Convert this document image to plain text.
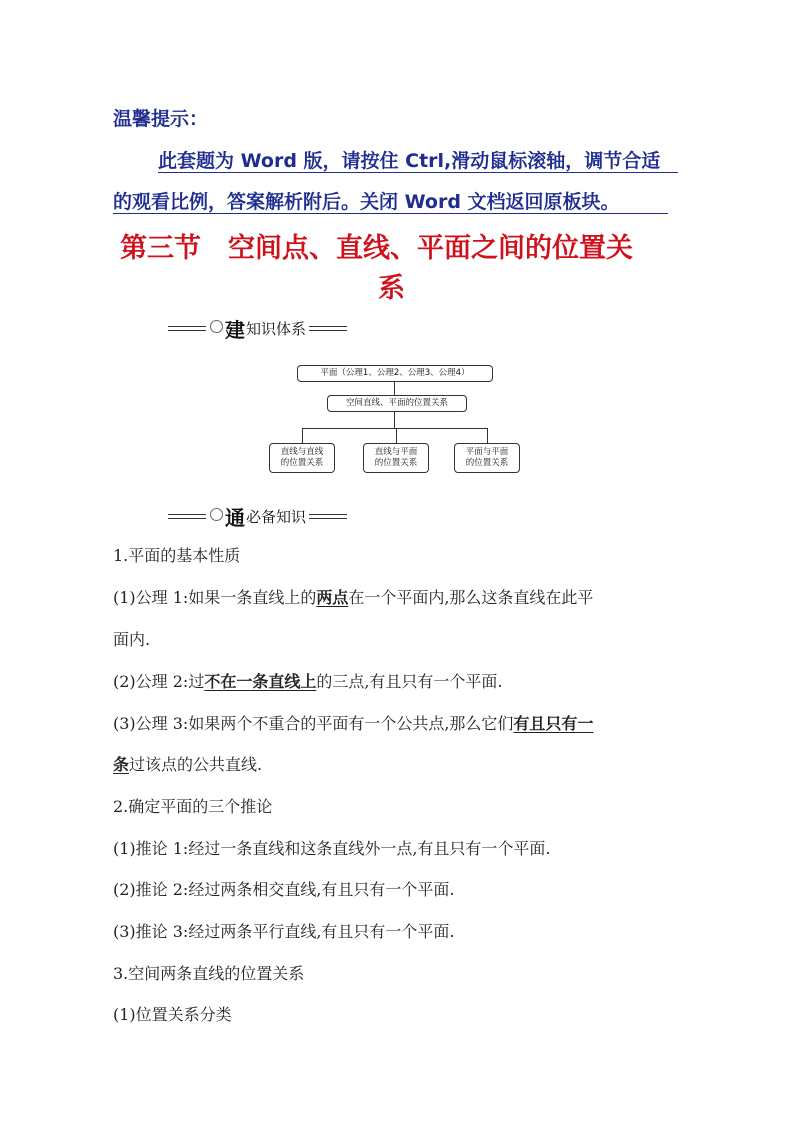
温馨提示：
此套题为 Word 版，请按住 Ctrl,滑动鼠标滚轴，调节合适
的观看比例，答案解析附后。关闭 Word 文档返回原板块。
第三节　空间点、直线、平面之间的位置关
系
建 知识体系
平面（公理1、公理2、公理3、公理4）
空间直线、平面的位置关系
直线与直线
的位置关系
直线与平面
的位置关系
平面与平面
的位置关系
通 必备知识
1.平面的基本性质
(1)公理 1:如果一条直线上的两点在一个平面内,那么这条直线在此平
面内.
(2)公理 2:过不在一条直线上的三点,有且只有一个平面.
(3)公理 3:如果两个不重合的平面有一个公共点,那么它们有且只有一
条过该点的公共直线.
2.确定平面的三个推论
(1)推论 1:经过一条直线和这条直线外一点,有且只有一个平面.
(2)推论 2:经过两条相交直线,有且只有一个平面.
(3)推论 3:经过两条平行直线,有且只有一个平面.
3.空间两条直线的位置关系
(1)位置关系分类
